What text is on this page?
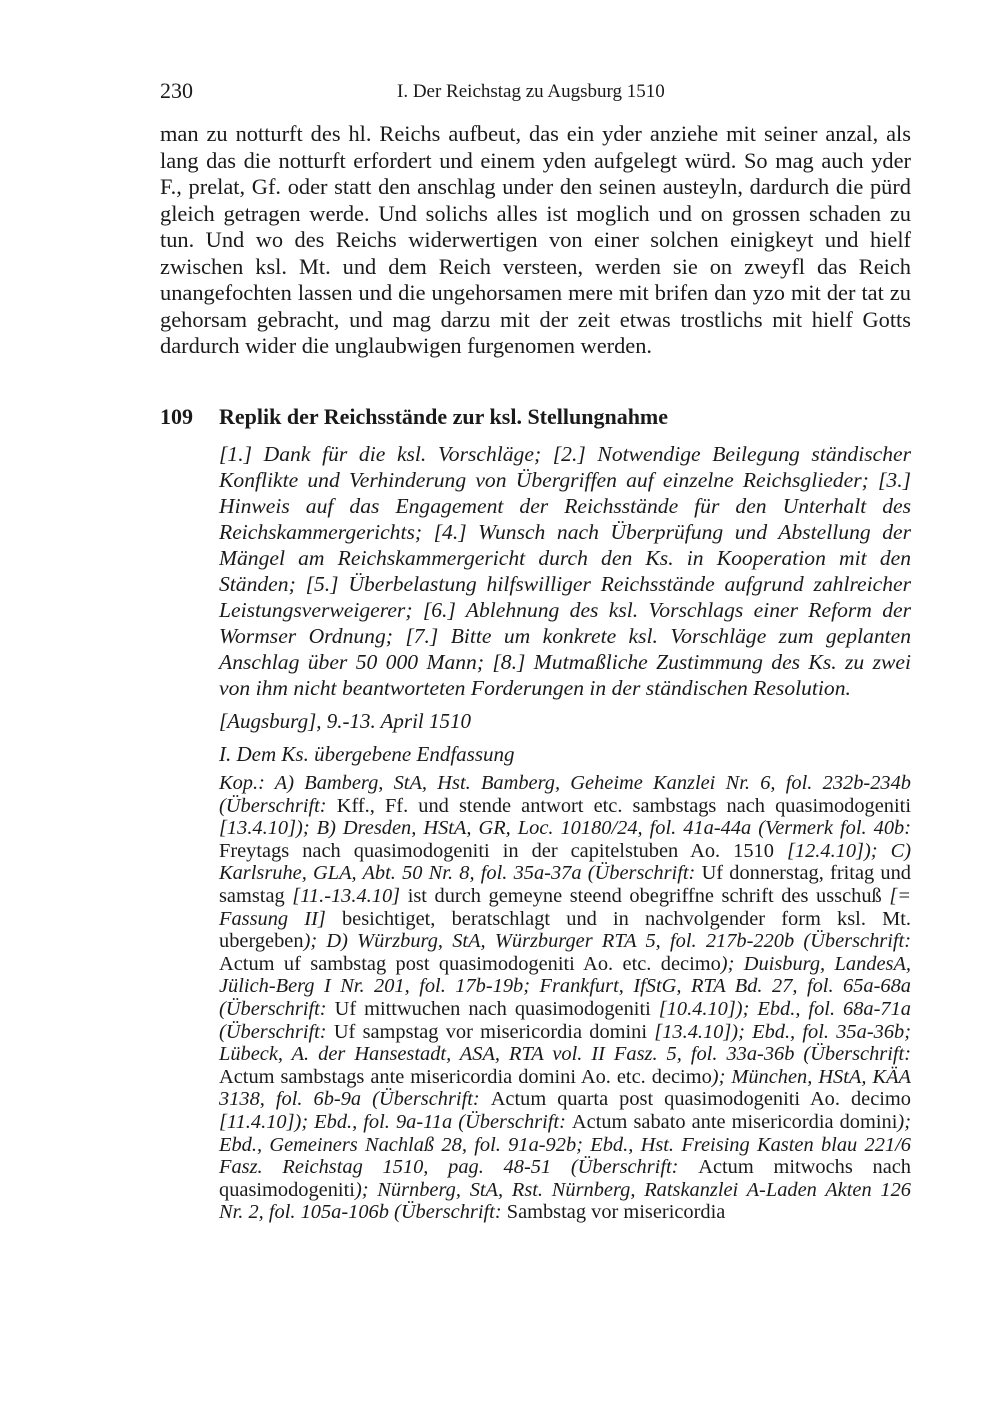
230	I. Der Reichstag zu Augsburg 1510

man zu notturft des hl. Reichs aufbeut, das ein yder anziehe mit seiner anzal, als lang das die notturft erfordert und einem yden aufgelegt würd. So mag auch yder F., prelat, Gf. oder statt den anschlag under den seinen austeyln, dardurch die pürd gleich getragen werde. Und solichs alles ist moglich und on grossen schaden zu tun. Und wo des Reichs widerwertigen von einer solchen einigkeyt und hielf zwischen ksl. Mt. und dem Reich versteen, werden sie on zweyfl das Reich unangefochten lassen und die ungehorsamen mere mit brifen dan yzo mit der tat zu gehorsam gebracht, und mag darzu mit der zeit etwas trostlichs mit hielf Gotts dardurch wider die unglaubwigen furgenomen werden.

109 Replik der Reichsstände zur ksl. Stellungnahme

[1.] Dank für die ksl. Vorschläge; [2.] Notwendige Beilegung ständischer Konflikte und Verhinderung von Übergriffen auf einzelne Reichsglieder; [3.] Hinweis auf das Engagement der Reichsstände für den Unterhalt des Reichskammergerichts; [4.] Wunsch nach Überprüfung und Abstellung der Mängel am Reichskammergericht durch den Ks. in Kooperation mit den Ständen; [5.] Überbelastung hilfswilliger Reichsstände aufgrund zahlreicher Leistungsverweigerer; [6.] Ablehnung des ksl. Vorschlags einer Reform der Wormser Ordnung; [7.] Bitte um konkrete ksl. Vorschläge zum geplanten Anschlag über 50 000 Mann; [8.] Mutmaßliche Zustimmung des Ks. zu zwei von ihm nicht beantworteten Forderungen in der ständischen Resolution.

[Augsburg], 9.-13. April 1510

I. Dem Ks. übergebene Endfassung

Kop.: A) Bamberg, StA, Hst. Bamberg, Geheime Kanzlei Nr. 6, fol. 232b-234b (Überschrift: Kff., Ff. und stende antwort etc. sambstags nach quasimodogeniti [13.4.10]); B) Dresden, HStA, GR, Loc. 10180/24, fol. 41a-44a (Vermerk fol. 40b: Freytags nach quasimodogeniti in der capitelstuben Ao. 1510 [12.4.10]); C) Karlsruhe, GLA, Abt. 50 Nr. 8, fol. 35a-37a (Überschrift: Uf donnerstag, fritag und samstag [11.-13.4.10] ist durch gemeyne steend obegriffne schrift des usschuß [= Fassung II] besichtiget, beratschlagt und in nachvolgender form ksl. Mt. ubergeben); D) Würzburg, StA, Würzburger RTA 5, fol. 217b-220b (Überschrift: Actum uf sambstag post quasimodogeniti Ao. etc. decimo); Duisburg, LandesA, Jülich-Berg I Nr. 201, fol. 17b-19b; Frankfurt, IfStG, RTA Bd. 27, fol. 65a-68a (Überschrift: Uf mittwuchen nach quasimodogeniti [10.4.10]); Ebd., fol. 68a-71a (Überschrift: Uf sampstag vor misericordia domini [13.4.10]); Ebd., fol. 35a-36b; Lübeck, A. der Hansestadt, ASA, RTA vol. II Fasz. 5, fol. 33a-36b (Überschrift: Actum sambstags ante misericordia domini Ao. etc. decimo); München, HStA, KÄA 3138, fol. 6b-9a (Überschrift: Actum quarta post quasimodogeniti Ao. decimo [11.4.10]); Ebd., fol. 9a-11a (Überschrift: Actum sabato ante misericordia domini); Ebd., Gemeiners Nachlaß 28, fol. 91a-92b; Ebd., Hst. Freising Kasten blau 221/6 Fasz. Reichstag 1510, pag. 48-51 (Überschrift: Actum mitwochs nach quasimodogeniti); Nürnberg, StA, Rst. Nürnberg, Ratskanzlei A-Laden Akten 126 Nr. 2, fol. 105a-106b (Überschrift: Sambstag vor misericordia
